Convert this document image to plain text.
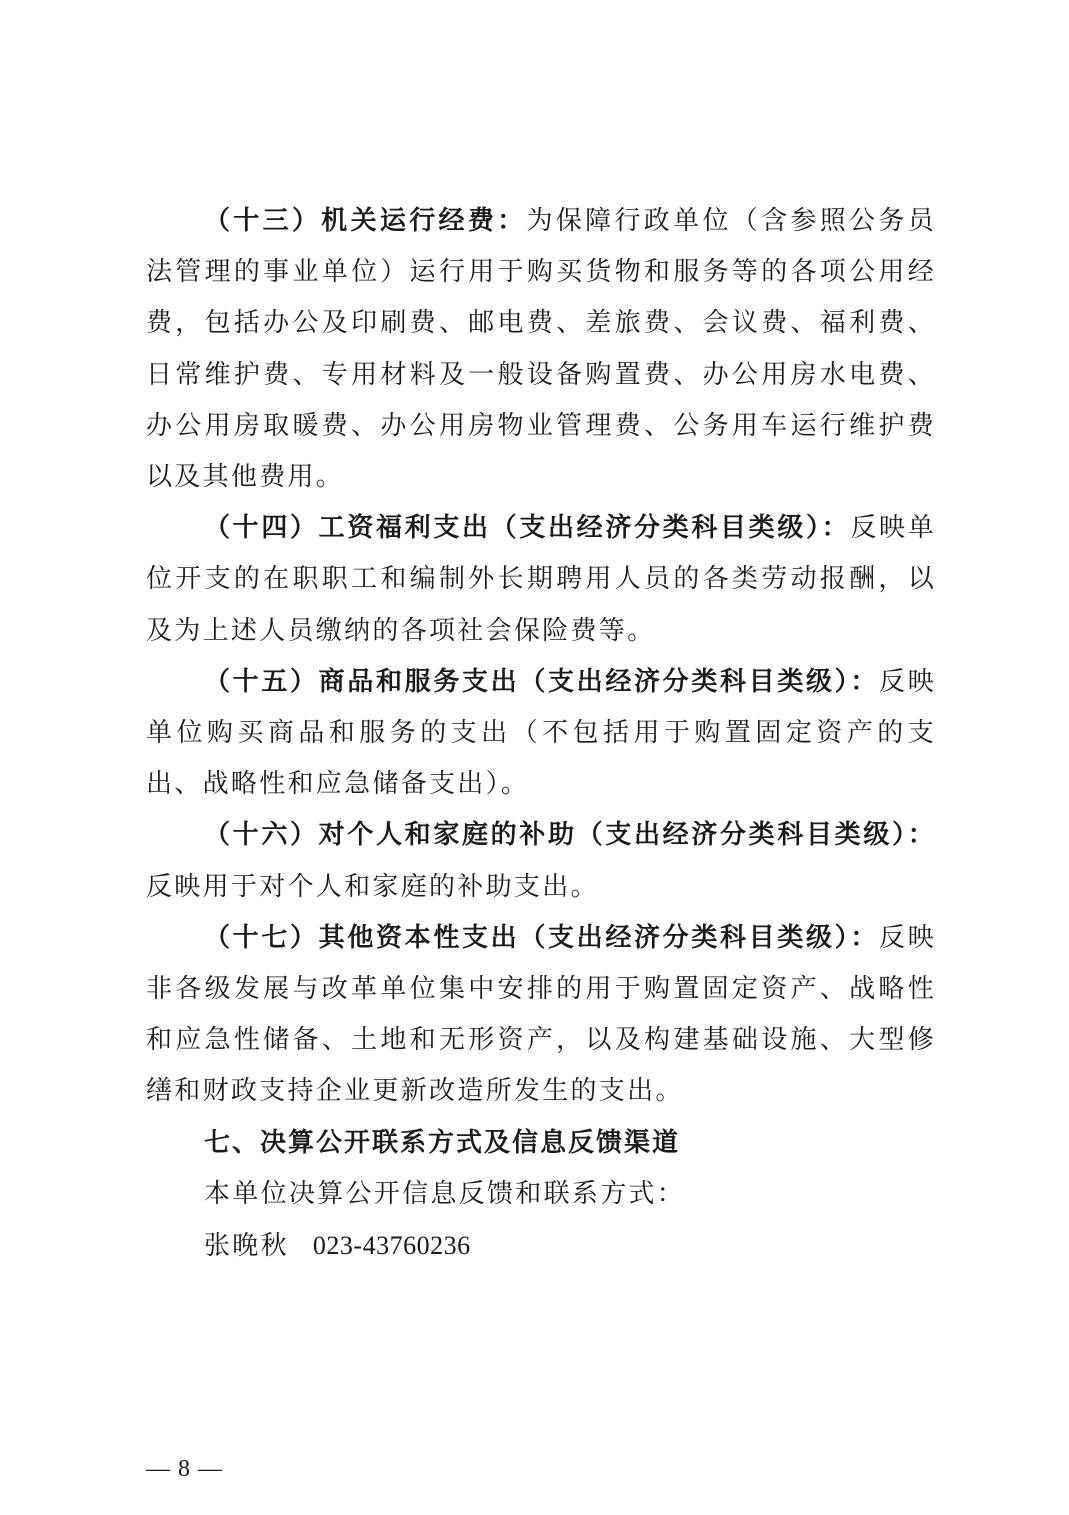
（十三）机关运行经费：为保障行政单位（含参照公务员法管理的事业单位）运行用于购买货物和服务等的各项公用经费，包括办公及印刷费、邮电费、差旅费、会议费、福利费、日常维护费、专用材料及一般设备购置费、办公用房水电费、办公用房取暖费、办公用房物业管理费、公务用车运行维护费以及其他费用。

（十四）工资福利支出（支出经济分类科目类级）：反映单位开支的在职职工和编制外长期聘用人员的各类劳动报酬，以及为上述人员缴纳的各项社会保险费等。

（十五）商品和服务支出（支出经济分类科目类级）：反映单位购买商品和服务的支出（不包括用于购置固定资产的支出、战略性和应急储备支出）。

（十六）对个人和家庭的补助（支出经济分类科目类级）：反映用于对个人和家庭的补助支出。

（十七）其他资本性支出（支出经济分类科目类级）：反映非各级发展与改革单位集中安排的用于购置固定资产、战略性和应急性储备、土地和无形资产，以及构建基础设施、大型修缮和财政支持企业更新改造所发生的支出。

七、决算公开联系方式及信息反馈渠道

本单位决算公开信息反馈和联系方式：

张晚秋 023-43760236

— 8 —
